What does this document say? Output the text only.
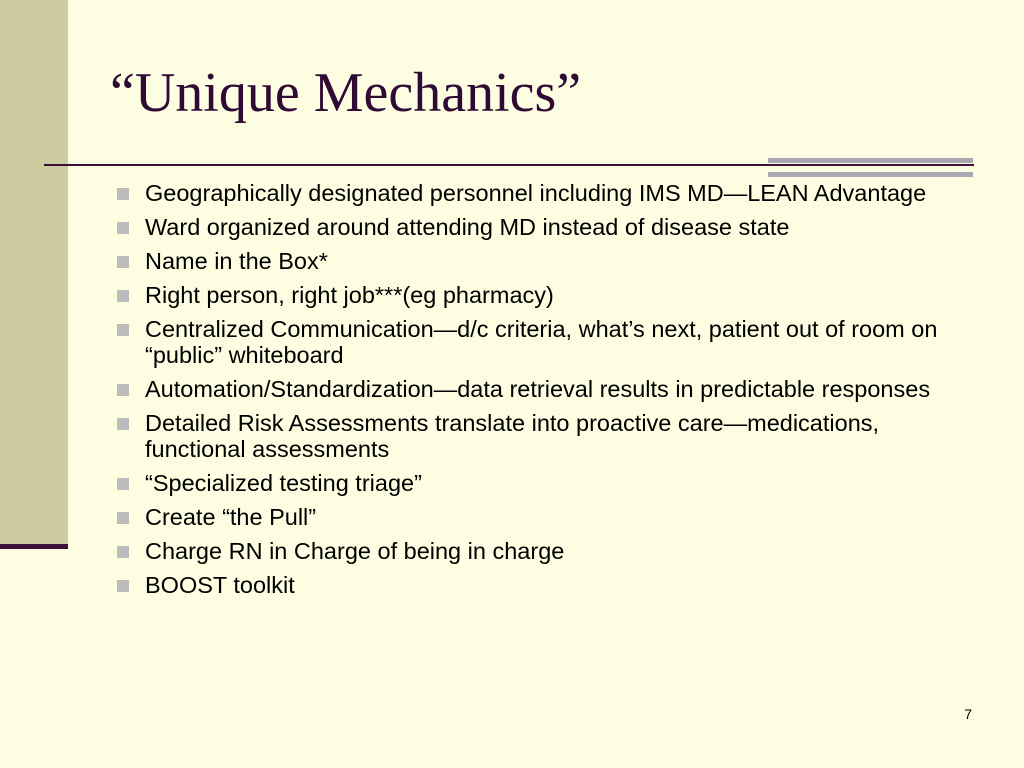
“Unique Mechanics”
Geographically designated personnel including IMS MD—LEAN Advantage
Ward organized around attending MD instead of disease state
Name in the Box*
Right person, right job***(eg pharmacy)
Centralized Communication—d/c criteria, what’s next, patient out of room on “public” whiteboard
Automation/Standardization—data retrieval results in predictable responses
Detailed Risk Assessments translate into proactive care—medications, functional assessments
“Specialized testing triage”
Create “the Pull”
Charge RN in Charge of being in charge
BOOST toolkit
7
